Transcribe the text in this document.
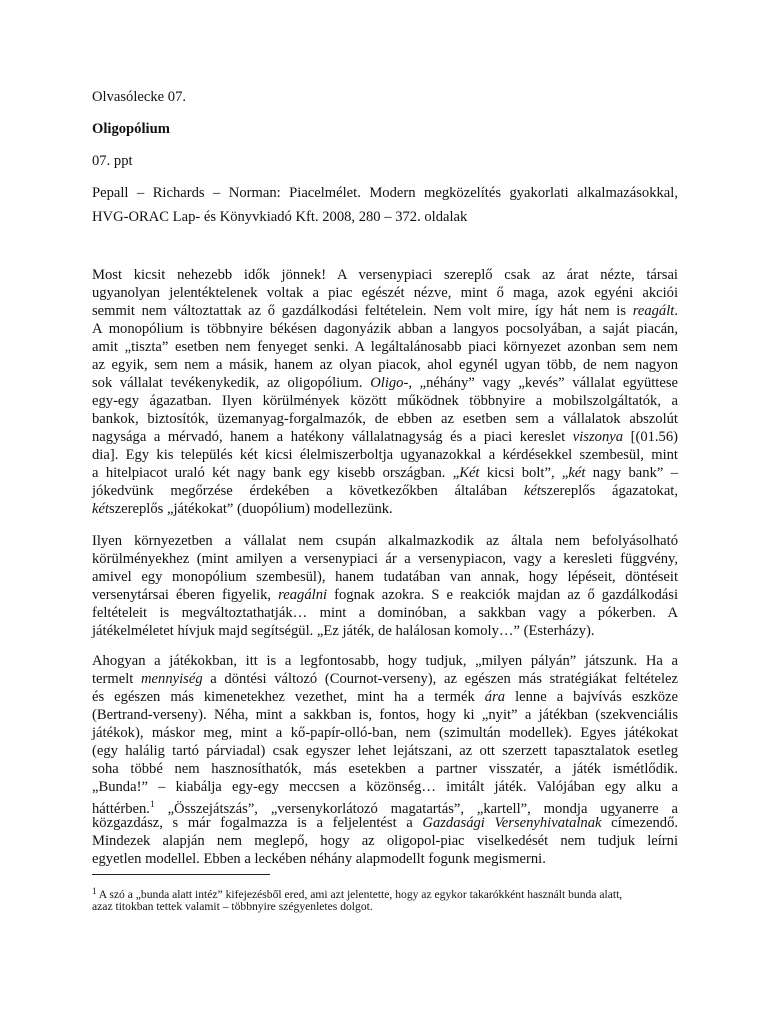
Olvasólecke 07.
Oligopólium
07. ppt
Pepall – Richards – Norman: Piacelmélet. Modern megközelítés gyakorlati alkalmazásokkal,
HVG-ORAC Lap- és Könyvkiadó Kft. 2008, 280 – 372. oldalak
Most kicsit nehezebb idők jönnek! A versenypiaci szereplő csak az árat nézte, társai
ugyanolyan jelentéktelenek voltak a piac egészét nézve, mint ő maga, azok egyéni akciói
semmit nem változtattak az ő gazdálkodási feltételein. Nem volt mire, így hát nem is reagált.
A monopólium is többnyire békésen dagonyázik abban a langyos pocsolyában, a saját piacán,
amit „tiszta” esetben nem fenyeget senki. A legáltalánosabb piaci környezet azonban sem nem
az egyik, sem nem a másik, hanem az olyan piacok, ahol egynél ugyan több, de nem nagyon
sok vállalat tevékenykedik, az oligopólium. Oligo-, „néhány” vagy „kevés” vállalat együttese
egy-egy ágazatban. Ilyen körülmények között működnek többnyire a mobilszolgáltatók, a
bankok, biztosítók, üzemanyag-forgalmazók, de ebben az esetben sem a vállalatok abszolút
nagysága a mérvadó, hanem a hatékony vállalatnagyság és a piaci kereslet viszonya [(01.56)
dia]. Egy kis település két kicsi élelmiszerboltja ugyanazokkal a kérdésekkel szembesül, mint
a hitelpiacot uraló két nagy bank egy kisebb országban. „Két kicsi bolt”, „két nagy bank” –
jókedvünk megőrzése érdekében a következőkben általában kétszereplős ágazatokat,
kétszereplős „játékokat” (duopólium) modellezünk.
Ilyen környezetben a vállalat nem csupán alkalmazkodik az általa nem befolyásolható
körülményekhez (mint amilyen a versenypiaci ár a versenypiacon, vagy a keresleti függvény,
amivel egy monopólium szembesül), hanem tudatában van annak, hogy lépéseit, döntéseit
versenytársai éberen figyelik, reagálni fognak azokra. S e reakciók majdan az ő gazdálkodási
feltételeit is megváltoztathatják… mint a dominóban, a sakkban vagy a pókerben. A
játékelméletet hívjuk majd segítségül. „Ez játék, de halálosan komoly…” (Esterházy).
Ahogyan a játékokban, itt is a legfontosabb, hogy tudjuk, „milyen pályán” játszunk. Ha a
termelt mennyiség a döntési változó (Cournot-verseny), az egészen más stratégiákat feltételez
és egészen más kimenetekhez vezethet, mint ha a termék ára lenne a bajvívás eszköze
(Bertrand-verseny). Néha, mint a sakkban is, fontos, hogy ki „nyit” a játékban (szekvenciális
játékok), máskor meg, mint a kő-papír-olló-ban, nem (szimultán modellek). Egyes játékokat
(egy halálig tartó párviadal) csak egyszer lehet lejátszani, az ott szerzett tapasztalatok esetleg
soha többé nem hasznosíthatók, más esetekben a partner visszatér, a játék ismétlődik.
„Bunda!” – kiabálja egy-egy meccsen a közönség… imitált játék. Valójában egy alku a
háttérben.$^1$ „Összejátszás”, „versenykorlátozó magatartás”, „kartell”, mondja ugyanerre a
közgazdász, s már fogalmazza is a feljelentést a Gazdasági Versenyhivatalnak címezendő.
Mindezek alapján nem meglepő, hogy az oligopol-piac viselkedését nem tudjuk leírni
egyetlen modellel. Ebben a leckében néhány alapmodellt fogunk megismerni.
$^1$ A szó a „bunda alatt intéz” kifejezésből ered, ami azt jelentette, hogy az egykor takarókként használt bunda alatt,
azaz titokban tettek valamit – többnyire szégyenletes dolgot.
